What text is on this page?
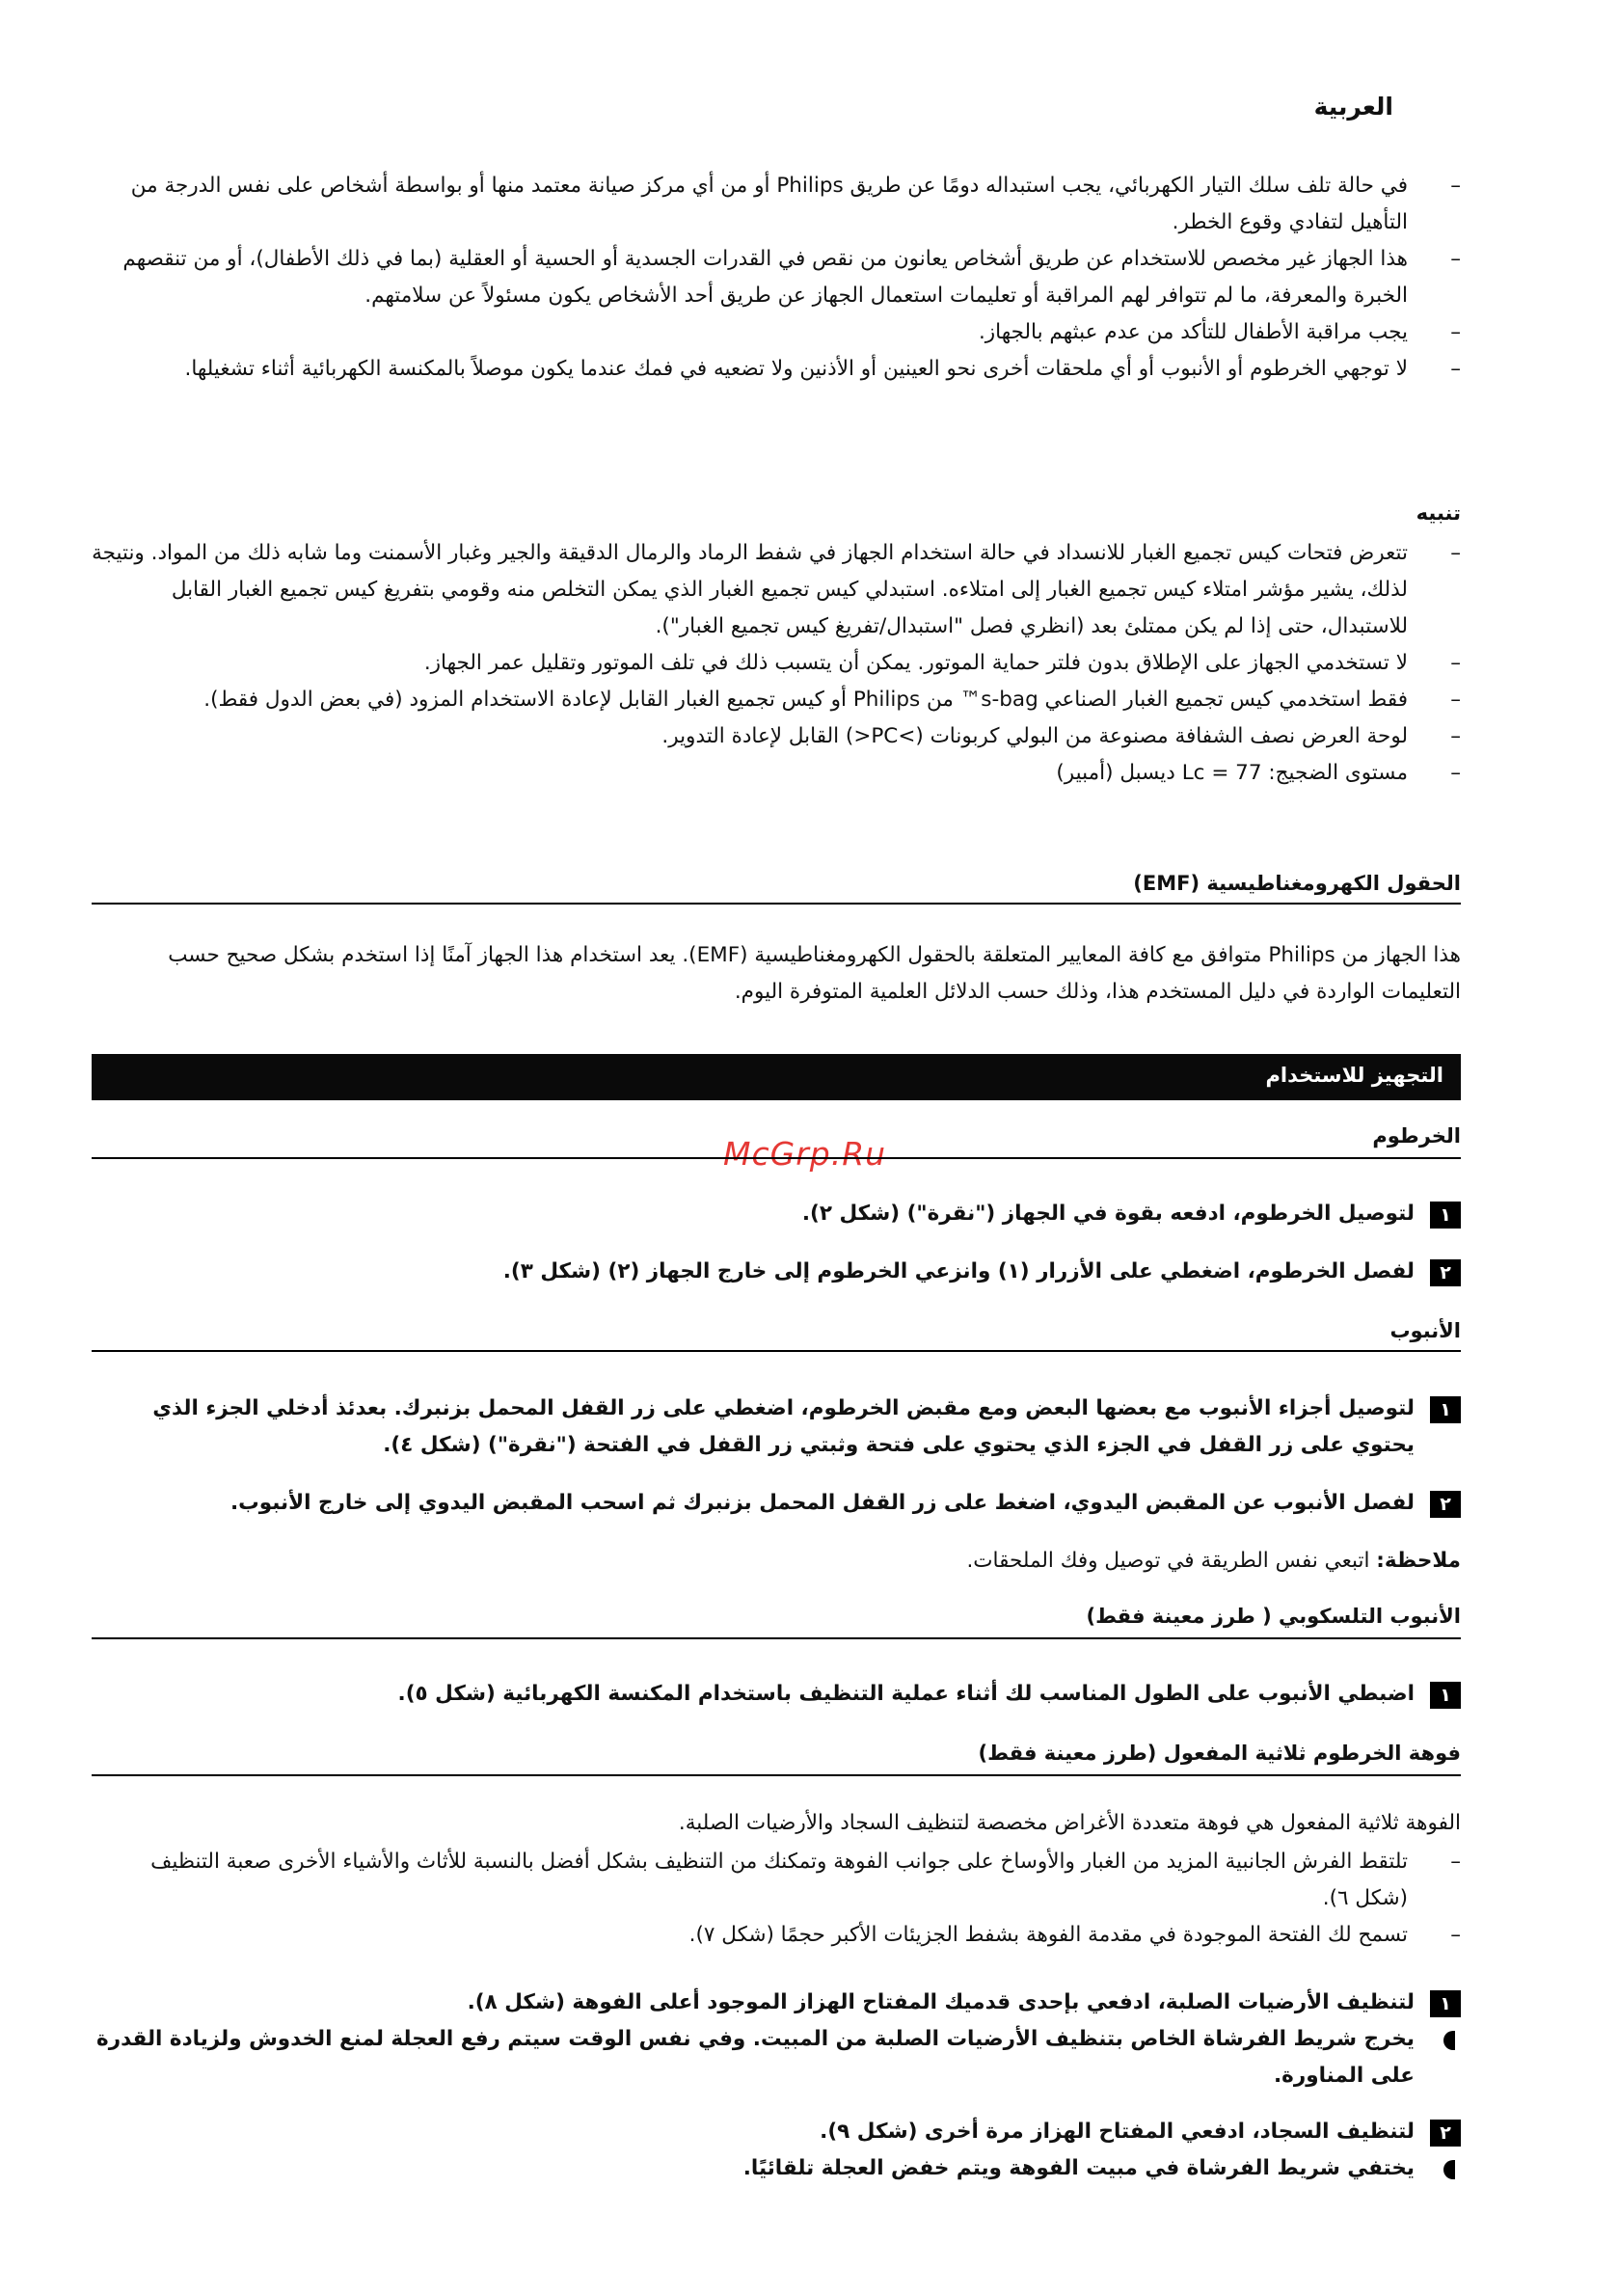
العربية
– في حالة تلف سلك التيار الكهربائي، يجب استبداله دومًا عن طريق Philips أو من أي مركز صيانة معتمد منها أو بواسطة أشخاص على نفس الدرجة من التأهيل لتفادي وقوع الخطر.
– هذا الجهاز غير مخصص للاستخدام عن طريق أشخاص يعانون من نقص في القدرات الجسدية أو الحسية أو العقلية (بما في ذلك الأطفال)، أو من تنقصهم الخبرة والمعرفة، ما لم تتوافر لهم المراقبة أو تعليمات استعمال الجهاز عن طريق أحد الأشخاص يكون مسئولاً عن سلامتهم.
– يجب مراقبة الأطفال للتأكد من عدم عبثهم بالجهاز.
– لا توجهي الخرطوم أو الأنبوب أو أي ملحقات أخرى نحو العينين أو الأذنين ولا تضعيه في فمك عندما يكون موصلاً بالمكنسة الكهربائية أثناء تشغيلها.
تنبيه
– تتعرض فتحات كيس تجميع الغبار للانسداد في حالة استخدام الجهاز في شفط الرماد والرمال الدقيقة والجير وغبار الأسمنت وما شابه ذلك من المواد. ونتيجة لذلك، يشير مؤشر امتلاء كيس تجميع الغبار إلى امتلاءه. استبدلي كيس تجميع الغبار الذي يمكن التخلص منه وقومي بتفريغ كيس تجميع الغبار القابل للاستبدال، حتى إذا لم يكن ممتلئ بعد (انظري فصل "استبدال/تفريغ كيس تجميع الغبار").
– لا تستخدمي الجهاز على الإطلاق بدون فلتر حماية الموتور. يمكن أن يتسبب ذلك في تلف الموتور وتقليل عمر الجهاز.
– فقط استخدمي كيس تجميع الغبار الصناعي s-bag™ من Philips أو كيس تجميع الغبار القابل لإعادة الاستخدام المزود (في بعض الدول فقط).
– لوحة العرض نصف الشفافة مصنوعة من البولي كربونات (>PC<) القابل لإعادة التدوير.
– مستوى الضجيج: Lc = 77 ديسبل (أمبير)
الحقول الكهرومغناطيسية (EMF)

هذا الجهاز من Philips متوافق مع كافة المعايير المتعلقة بالحقول الكهرومغناطيسية (EMF). يعد استخدام هذا الجهاز آمنًا إذا استخدم بشكل صحيح حسب التعليمات الواردة في دليل المستخدم هذا، وذلك حسب الدلائل العلمية المتوفرة اليوم.

التجهيز للاستخدام
الخرطوم
McGrp.Ru

١
لتوصيل الخرطوم، ادفعه بقوة في الجهاز ("نقرة") (شكل ٢).

٢
لفصل الخرطوم، اضغطي على الأزرار (١) وانزعي الخرطوم إلى خارج الجهاز (٢) (شكل ٣).

الأنبوب

١
لتوصيل أجزاء الأنبوب مع بعضها البعض ومع مقبض الخرطوم، اضغطي على زر القفل المحمل بزنبرك. بعدئذ أدخلي الجزء الذي يحتوي على زر القفل في الجزء الذي يحتوي على فتحة وثبتي زر القفل في الفتحة ("نقرة") (شكل ٤).

٢
لفصل الأنبوب عن المقبض اليدوي، اضغط على زر القفل المحمل بزنبرك ثم اسحب المقبض اليدوي إلى خارج الأنبوب.

ملاحظة: اتبعي نفس الطريقة في توصيل وفك الملحقات.

الأنبوب التلسكوبي ( طرز معينة فقط)

١
اضبطي الأنبوب على الطول المناسب لك أثناء عملية التنظيف باستخدام المكنسة الكهربائية (شكل ٥).

فوهة الخرطوم ثلاثية المفعول (طرز معينة فقط)

الفوهة ثلاثية المفعول هي فوهة متعددة الأغراض مخصصة لتنظيف السجاد والأرضيات الصلبة.

– تلتقط الفرش الجانبية المزيد من الغبار والأوساخ على جوانب الفوهة وتمكنك من التنظيف بشكل أفضل بالنسبة للأثاث والأشياء الأخرى صعبة التنظيف (شكل ٦).
– تسمح لك الفتحة الموجودة في مقدمة الفوهة بشفط الجزيئات الأكبر حجمًا (شكل ٧).

١
لتنظيف الأرضيات الصلبة، ادفعي بإحدى قدميك المفتاح الهزاز الموجود أعلى الفوهة (شكل ٨).

يخرج شريط الفرشاة الخاص بتنظيف الأرضيات الصلبة من المبيت. وفي نفس الوقت سيتم رفع العجلة لمنع الخدوش ولزيادة القدرة على المناورة.

٢
لتنظيف السجاد، ادفعي المفتاح الهزاز مرة أخرى (شكل ٩).

يختفي شريط الفرشاة في مبيت الفوهة ويتم خفض العجلة تلقائيًا.
